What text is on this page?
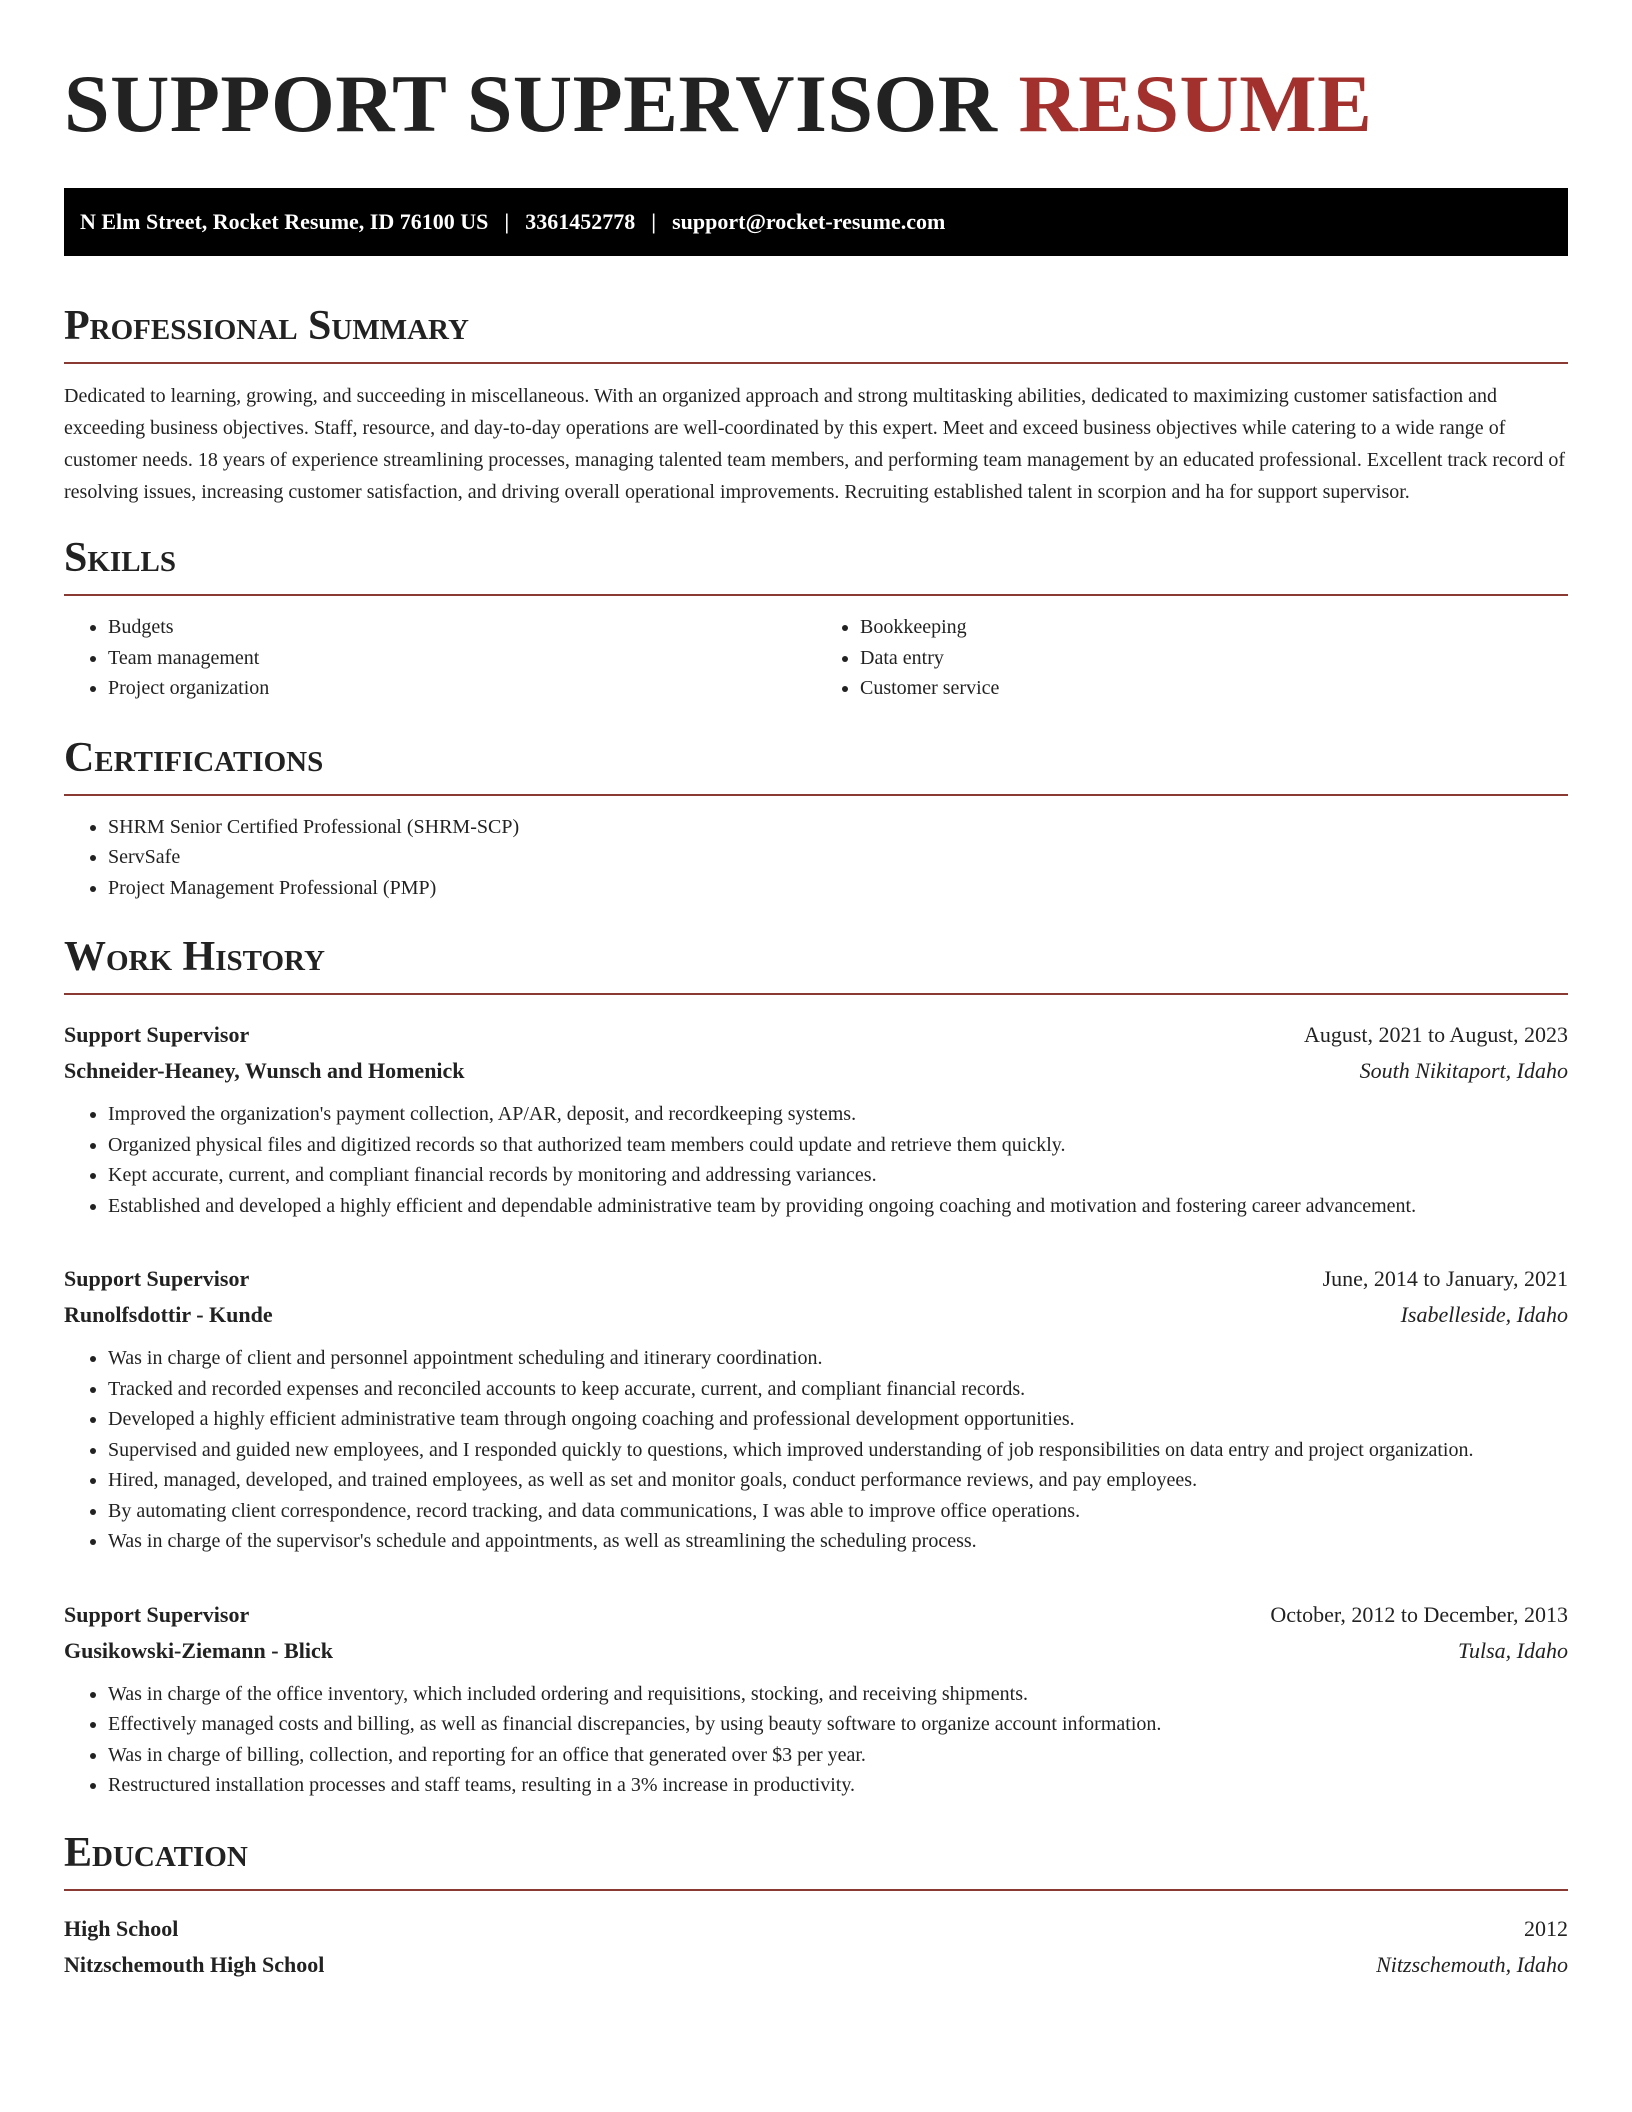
SUPPORT SUPERVISOR RESUME
N Elm Street, Rocket Resume, ID 76100 US | 3361452778 | support@rocket-resume.com
Professional Summary

Dedicated to learning, growing, and succeeding in miscellaneous. With an organized approach and strong multitasking abilities, dedicated to maximizing customer satisfaction and exceeding business objectives. Staff, resource, and day-to-day operations are well-coordinated by this expert. Meet and exceed business objectives while catering to a wide range of customer needs. 18 years of experience streamlining processes, managing talented team members, and performing team management by an educated professional. Excellent track record of resolving issues, increasing customer satisfaction, and driving overall operational improvements. Recruiting established talent in scorpion and ha for support supervisor.

Skills
• Budgets
• Team management
• Project organization
• Bookkeeping
• Data entry
• Customer service
Certifications
• SHRM Senior Certified Professional (SHRM-SCP)
• ServSafe
• Project Management Professional (PMP)
Work History
Support Supervisor	August, 2021 to August, 2023
Schneider-Heaney, Wunsch and Homenick	South Nikitaport, Idaho
• Improved the organization's payment collection, AP/AR, deposit, and recordkeeping systems.
• Organized physical files and digitized records so that authorized team members could update and retrieve them quickly.
• Kept accurate, current, and compliant financial records by monitoring and addressing variances.
• Established and developed a highly efficient and dependable administrative team by providing ongoing coaching and motivation and fostering career advancement.
Support Supervisor	June, 2014 to January, 2021
Runolfsdottir - Kunde	Isabelleside, Idaho
• Was in charge of client and personnel appointment scheduling and itinerary coordination.
• Tracked and recorded expenses and reconciled accounts to keep accurate, current, and compliant financial records.
• Developed a highly efficient administrative team through ongoing coaching and professional development opportunities.
• Supervised and guided new employees, and I responded quickly to questions, which improved understanding of job responsibilities on data entry and project organization.
• Hired, managed, developed, and trained employees, as well as set and monitor goals, conduct performance reviews, and pay employees.
• By automating client correspondence, record tracking, and data communications, I was able to improve office operations.
• Was in charge of the supervisor's schedule and appointments, as well as streamlining the scheduling process.
Support Supervisor	October, 2012 to December, 2013
Gusikowski-Ziemann - Blick	Tulsa, Idaho
• Was in charge of the office inventory, which included ordering and requisitions, stocking, and receiving shipments.
• Effectively managed costs and billing, as well as financial discrepancies, by using beauty software to organize account information.
• Was in charge of billing, collection, and reporting for an office that generated over $3 per year.
• Restructured installation processes and staff teams, resulting in a 3% increase in productivity.
Education
High School	2012
Nitzschemouth High School	Nitzschemouth, Idaho
